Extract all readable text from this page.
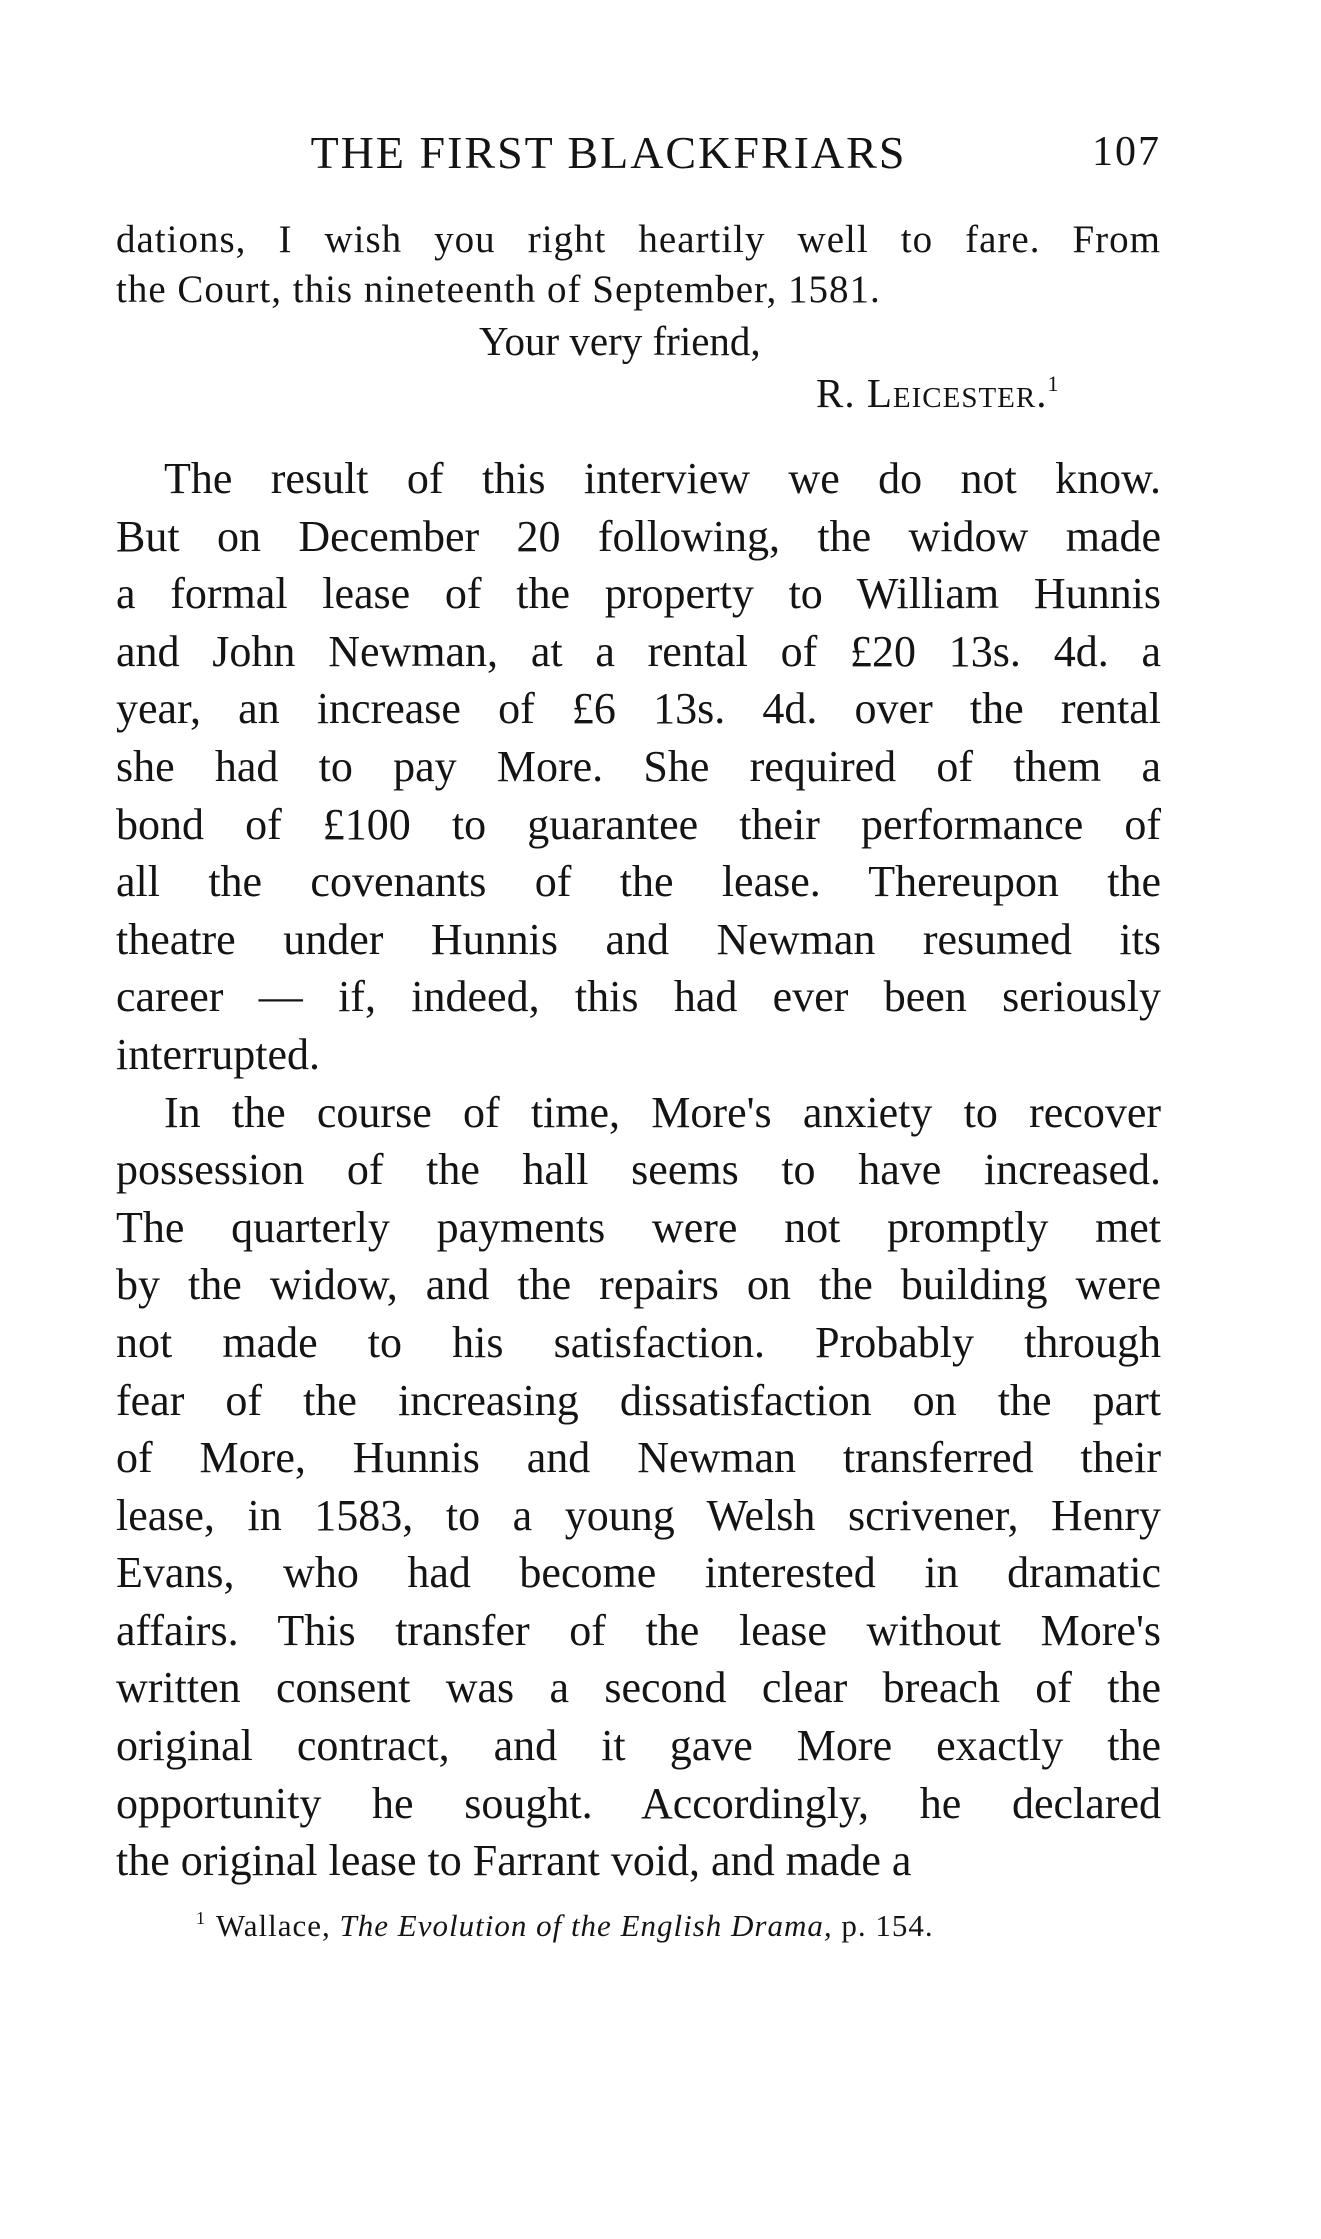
THE FIRST BLACKFRIARS	107
dations, I wish you right heartily well to fare. From
the Court, this nineteenth of September, 1581.
Your very friend,
R. Leicester.$^1$
The result of this interview we do not know.
But on December 20 following, the widow made
a formal lease of the property to William Hunnis
and John Newman, at a rental of £20 13s. 4d. a
year, an increase of £6 13s. 4d. over the rental
she had to pay More. She required of them a
bond of £100 to guarantee their performance of
all the covenants of the lease. Thereupon the
theatre under Hunnis and Newman resumed its
career — if, indeed, this had ever been seriously
interrupted.
In the course of time, More's anxiety to recover
possession of the hall seems to have increased.
The quarterly payments were not promptly met
by the widow, and the repairs on the building were
not made to his satisfaction. Probably through
fear of the increasing dissatisfaction on the part
of More, Hunnis and Newman transferred their
lease, in 1583, to a young Welsh scrivener, Henry
Evans, who had become interested in dramatic
affairs. This transfer of the lease without More's
written consent was a second clear breach of the
original contract, and it gave More exactly the
opportunity he sought. Accordingly, he declared
the original lease to Farrant void, and made a
$^1$ Wallace, The Evolution of the English Drama, p. 154.
